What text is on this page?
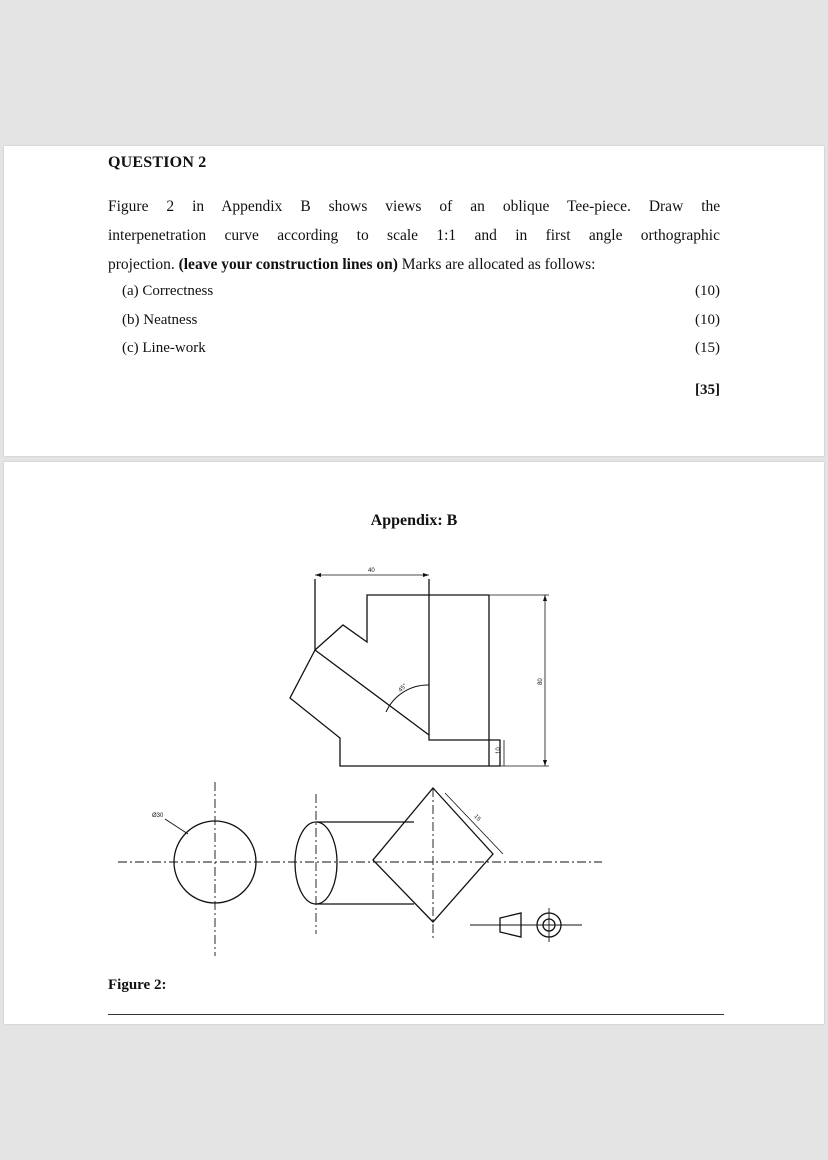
QUESTION 2
Figure 2 in Appendix B shows views of an oblique Tee-piece. Draw the
interpenetration curve according to scale 1:1 and in first angle orthographic
projection. (leave your construction lines on) Marks are allocated as follows:
(a) Correctness	(10)
(b) Neatness	(10)
(c) Line-work	(15)
[35]
Appendix: B
40
45°
80
10
Ø30	15
Figure 2:
